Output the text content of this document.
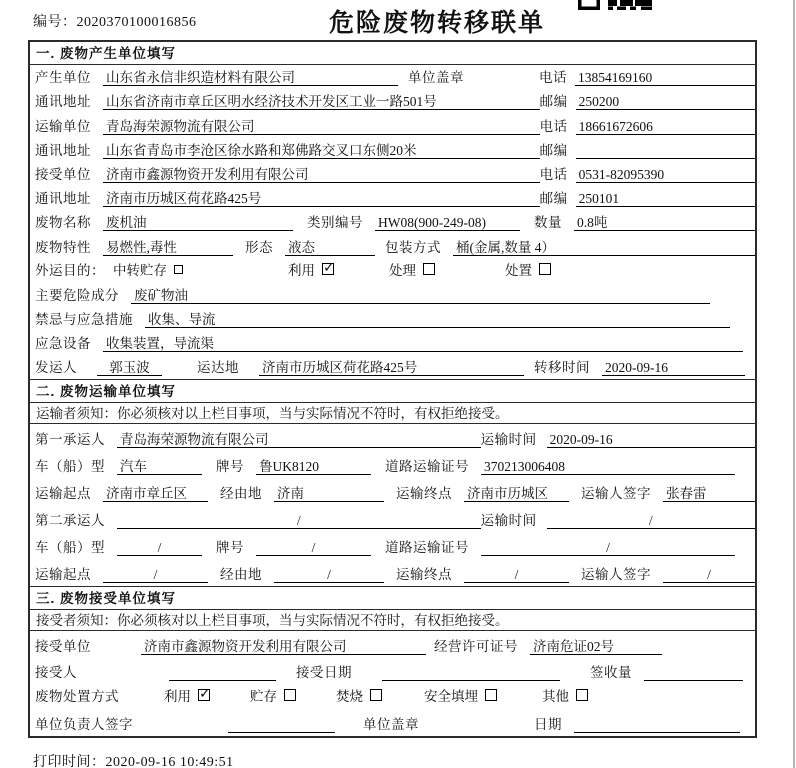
编号：2020370100016856	危险废物转移联单
一. 废物产生单位填写
产生单位 山东省永信非织造材料有限公司	单位盖章	电话 13854169160
通讯地址 山东省济南市章丘区明水经济技术开发区工业一路501号	邮编 250200
运输单位 青岛海荣源物流有限公司	电话 18661672606
通讯地址 山东省青岛市李沧区徐水路和郑佛路交叉口东侧20米	邮编
接受单位 济南市鑫源物资开发利用有限公司	电话 0531-82095390
通讯地址 济南市历城区荷花路425号	邮编 250101
废物名称 废机油	类别编号 HW08(900-249-08)	数量 0.8吨
废物特性 易燃性,毒性	形态 液态	包装方式 桶(金属,数量 4）
外运目的： 中转贮存	利用 ✓	处理	处置
主要危险成分 废矿物油
禁忌与应急措施 收集、导流
应急设备 收集装置，导流渠
发运人	郭玉波	运达地 济南市历城区荷花路425号	转移时间 2020-09-16
二. 废物运输单位填写
运输者须知：你必须核对以上栏目事项，当与实际情况不符时，有权拒绝接受。
第一承运人 青岛海荣源物流有限公司	运输时间 2020-09-16
车（船）型 汽车	牌号 鲁UK8120	道路运输证号 370213006408
运输起点 济南市章丘区	经由地 济南	运输终点 济南市历城区	运输人签字 张春雷
第二承运人	/	运输时间	/
车（船）型	/	牌号	/	道路运输证号	/
运输起点	/	经由地	/	运输终点	/	运输人签字	/
三. 废物接受单位填写
接受者须知：你必须核对以上栏目事项，当与实际情况不符时，有权拒绝接受。
接受单位	济南市鑫源物资开发利用有限公司	经营许可证号 济南危证02号
接受人	接受日期	签收量
废物处置方式	利用 ✓	贮存	焚烧	安全填埋	其他
单位负责人签字	单位盖章	日期
打印时间：2020-09-16 10:49:51
